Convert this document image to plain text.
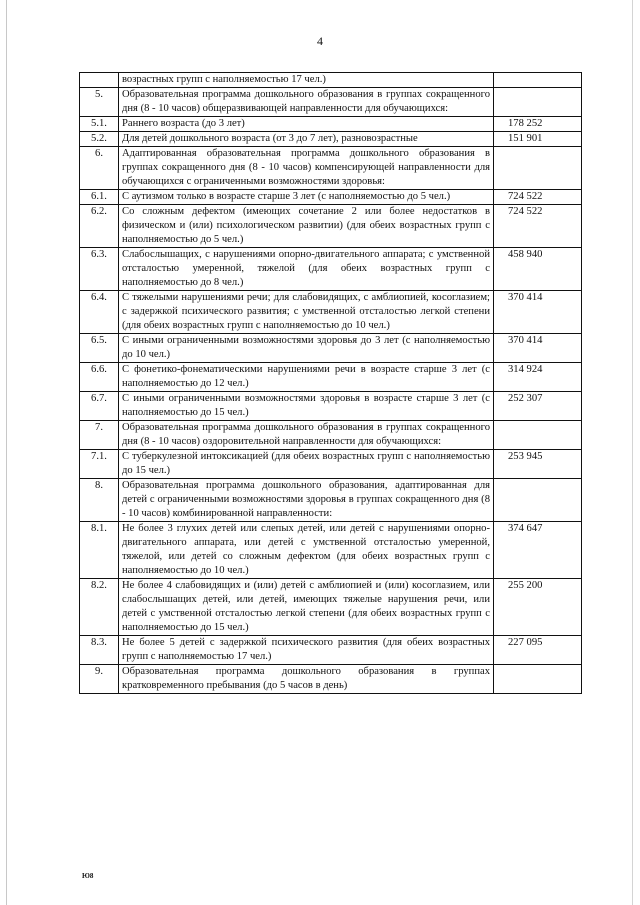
4
	возрастных групп с наполняемостью 17 чел.)	
5.	Образовательная программа дошкольного образования в группах сокращенного дня (8 - 10 часов) общеразвивающей направленности для обучающихся:	
5.1.	Раннего возраста (до 3 лет)	178 252
5.2.	Для детей дошкольного возраста (от 3 до 7 лет), разновозрастные	151 901
6.	Адаптированная образовательная программа дошкольного образования в группах сокращенного дня (8 - 10 часов) компенсирующей направленности для обучающихся с ограниченными возможностями здоровья:	
6.1.	С аутизмом только в возрасте старше 3 лет (с наполняемостью до 5 чел.)	724 522
6.2.	Со сложным дефектом (имеющих сочетание 2 или более недостатков в физическом и (или) психологическом развитии) (для обеих возрастных групп с наполняемостью до 5 чел.)	724 522
6.3.	Слабослышащих, с нарушениями опорно-двигательного аппарата; с умственной отсталостью умеренной, тяжелой (для обеих возрастных групп с наполняемостью до 8 чел.)	458 940
6.4.	С тяжелыми нарушениями речи; для слабовидящих, с амблиопией, косоглазием; с задержкой психического развития; с умственной отсталостью легкой степени (для обеих возрастных групп с наполняемостью до 10 чел.)	370 414
6.5.	С иными ограниченными возможностями здоровья до 3 лет (с наполняемостью до 10 чел.)	370 414
6.6.	С фонетико-фонематическими нарушениями речи в возрасте старше 3 лет (с наполняемостью до 12 чел.)	314 924
6.7.	С иными ограниченными возможностями здоровья в возрасте старше 3 лет (с наполняемостью до 15 чел.)	252 307
7.	Образовательная программа дошкольного образования в группах сокращенного дня (8 - 10 часов) оздоровительной направленности для обучающихся:	
7.1.	С туберкулезной интоксикацией (для обеих возрастных групп с наполняемостью до 15 чел.)	253 945
8.	Образовательная программа дошкольного образования, адаптированная для детей с ограниченными возможностями здоровья в группах сокращенного дня (8 - 10 часов) комбинированной направленности:	
8.1.	Не более 3 глухих детей или слепых детей, или детей с нарушениями опорно-двигательного аппарата, или детей с умственной отсталостью умеренной, тяжелой, или детей со сложным дефектом (для обеих возрастных групп с наполняемостью до 10 чел.)	374 647
8.2.	Не более 4 слабовидящих и (или) детей с амблиопией и (или) косоглазием, или слабослышащих детей, или детей, имеющих тяжелые нарушения речи, или детей с умственной отсталостью легкой степени (для обеих возрастных групп с наполняемостью до 15 чел.)	255 200
8.3.	Не более 5 детей с задержкой психического развития (для обеих возрастных групп с наполняемостью 17 чел.)	227 095
9.	Образовательная программа дошкольного образования в группах кратковременного пребывания (до 5 часов в день)	
Ю8
